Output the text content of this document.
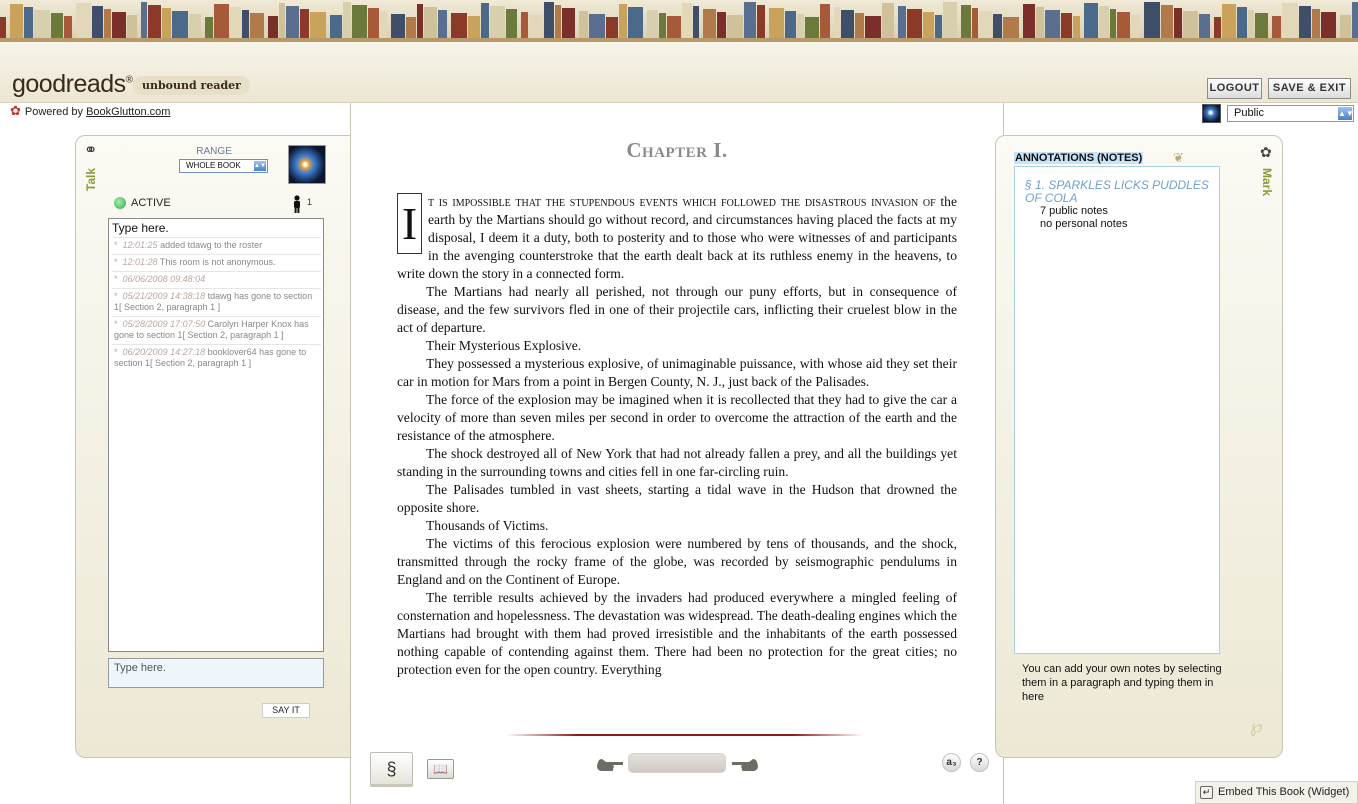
goodreads® unbound reader	LOGOUT	SAVE & EXIT
✿ Powered by BookGlutton.com	Public	▲▼
⚭
Talk
RANGE
WHOLE BOOK ▲▼
ACTIVE	1
Type here.
* 12:01:25 added tdawg to the roster
* 12:01:28 This room is not anonymous.
* 06/06/2008 09:48:04
* 05/21/2009 14:38:18 tdawg has gone to section 1[ Section 2, paragraph 1 ]
* 05/28/2009 17:07:50 Carolyn Harper Knox has gone to section 1[ Section 2, paragraph 1 ]
* 06/20/2009 14:27:18 booklover64 has gone to section 1[ Section 2, paragraph 1 ]
Type here.
SAY IT
Chapter I.

I t is impossible that the stupendous events which followed the disastrous invasion of the earth by the Martians should go without record, and circumstances having placed the facts at my disposal, I deem it a duty, both to posterity and to those who were witnesses of and participants in the avenging counterstroke that the earth dealt back at its ruthless enemy in the heavens, to write down the story in a connected form.

The Martians had nearly all perished, not through our puny efforts, but in consequence of disease, and the few survivors fled in one of their projectile cars, inflicting their cruelest blow in the act of departure.

Their Mysterious Explosive.

They possessed a mysterious explosive, of unimaginable puissance, with whose aid they set their car in motion for Mars from a point in Bergen County, N. J., just back of the Palisades.

The force of the explosion may be imagined when it is recollected that they had to give the car a velocity of more than seven miles per second in order to overcome the attraction of the earth and the resistance of the atmosphere.

The shock destroyed all of New York that had not already fallen a prey, and all the buildings yet standing in the surrounding towns and cities fell in one far-circling ruin.

The Palisades tumbled in vast sheets, starting a tidal wave in the Hudson that drowned the opposite shore.

Thousands of Victims.

The victims of this ferocious explosion were numbered by tens of thousands, and the shock, transmitted through the rocky frame of the globe, was recorded by seismographic pendulums in England and on the Continent of Europe.

The terrible results achieved by the invaders had produced everywhere a mingled feeling of consternation and hopelessness. The devastation was widespread. The death-dealing engines which the Martians had brought with them had proved irresistible and the inhabitants of the earth possessed nothing capable of contending against them. There had been no protection for the great cities; no protection even for the open country. Everything

§	📖	a₃	?
ANNOTATIONS (NOTES) ❦	✿
Mark
§ 1. SPARKLES LICKS PUDDLES OF COLA
7 public notes
no personal notes
You can add your own notes by selecting them in a paragraph and typing them in here
℘
↵ Embed This Book (Widget)
